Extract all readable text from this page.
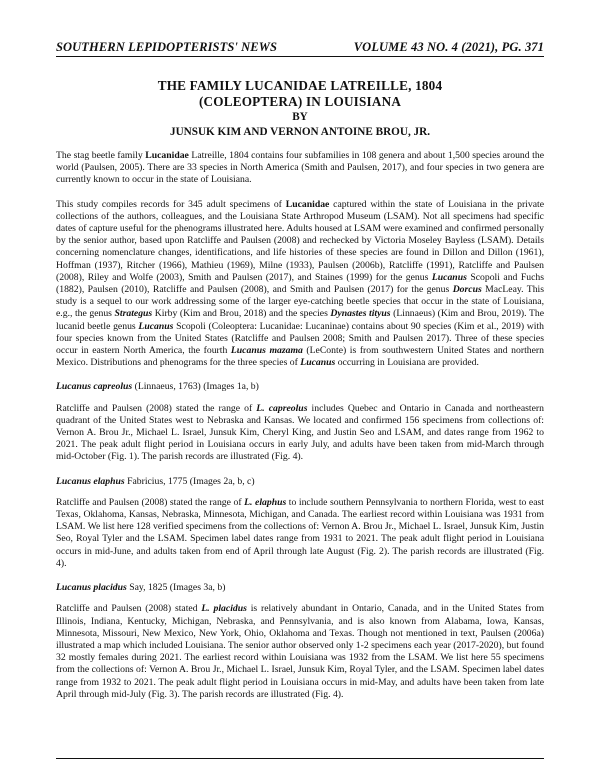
SOUTHERN LEPIDOPTERISTS' NEWS	VOLUME 43 NO. 4 (2021), PG. 371
THE FAMILY LUCANIDAE LATREILLE, 1804
(COLEOPTERA) IN LOUISIANA
BY
JUNSUK KIM AND VERNON ANTOINE BROU, JR.

The stag beetle family Lucanidae Latreille, 1804 contains four subfamilies in 108 genera and about 1,500 species around the world (Paulsen, 2005). There are 33 species in North America (Smith and Paulsen, 2017), and four species in two genera are currently known to occur in the state of Louisiana.

This study compiles records for 345 adult specimens of Lucanidae captured within the state of Louisiana in the private collections of the authors, colleagues, and the Louisiana State Arthropod Museum (LSAM). Not all specimens had specific dates of capture useful for the phenograms illustrated here. Adults housed at LSAM were examined and confirmed personally by the senior author, based upon Ratcliffe and Paulsen (2008) and rechecked by Victoria Moseley Bayless (LSAM). Details concerning nomenclature changes, identifications, and life histories of these species are found in Dillon and Dillon (1961), Hoffman (1937), Ritcher (1966), Mathieu (1969), Milne (1933), Paulsen (2006b), Ratcliffe (1991), Ratcliffe and Paulsen (2008), Riley and Wolfe (2003), Smith and Paulsen (2017), and Staines (1999) for the genus Lucanus Scopoli and Fuchs (1882), Paulsen (2010), Ratcliffe and Paulsen (2008), and Smith and Paulsen (2017) for the genus Dorcus MacLeay. This study is a sequel to our work addressing some of the larger eye-catching beetle species that occur in the state of Louisiana, e.g., the genus Strategus Kirby (Kim and Brou, 2018) and the species Dynastes tityus (Linnaeus) (Kim and Brou, 2019). The lucanid beetle genus Lucanus Scopoli (Coleoptera: Lucanidae: Lucaninae) contains about 90 species (Kim et al., 2019) with four species known from the United States (Ratcliffe and Paulsen 2008; Smith and Paulsen 2017). Three of these species occur in eastern North America, the fourth Lucanus mazama (LeConte) is from southwestern United States and northern Mexico. Distributions and phenograms for the three species of Lucanus occurring in Louisiana are provided.

Lucanus capreolus (Linnaeus, 1763) (Images 1a, b)

Ratcliffe and Paulsen (2008) stated the range of L. capreolus includes Quebec and Ontario in Canada and northeastern quadrant of the United States west to Nebraska and Kansas. We located and confirmed 156 specimens from collections of: Vernon A. Brou Jr., Michael L. Israel, Junsuk Kim, Cheryl King, and Justin Seo and LSAM, and dates range from 1962 to 2021. The peak adult flight period in Louisiana occurs in early July, and adults have been taken from mid-March through mid-October (Fig. 1). The parish records are illustrated (Fig. 4).

Lucanus elaphus Fabricius, 1775 (Images 2a, b, c)

Ratcliffe and Paulsen (2008) stated the range of L. elaphus to include southern Pennsylvania to northern Florida, west to east Texas, Oklahoma, Kansas, Nebraska, Minnesota, Michigan, and Canada. The earliest record within Louisiana was 1931 from LSAM. We list here 128 verified specimens from the collections of: Vernon A. Brou Jr., Michael L. Israel, Junsuk Kim, Justin Seo, Royal Tyler and the LSAM. Specimen label dates range from 1931 to 2021. The peak adult flight period in Louisiana occurs in mid-June, and adults taken from end of April through late August (Fig. 2). The parish records are illustrated (Fig. 4).

Lucanus placidus Say, 1825 (Images 3a, b)

Ratcliffe and Paulsen (2008) stated L. placidus is relatively abundant in Ontario, Canada, and in the United States from Illinois, Indiana, Kentucky, Michigan, Nebraska, and Pennsylvania, and is also known from Alabama, Iowa, Kansas, Minnesota, Missouri, New Mexico, New York, Ohio, Oklahoma and Texas. Though not mentioned in text, Paulsen (2006a) illustrated a map which included Louisiana. The senior author observed only 1-2 specimens each year (2017-2020), but found 32 mostly females during 2021. The earliest record within Louisiana was 1932 from the LSAM. We list here 55 specimens from the collections of: Vernon A. Brou Jr., Michael L. Israel, Junsuk Kim, Royal Tyler, and the LSAM. Specimen label dates range from 1932 to 2021. The peak adult flight period in Louisiana occurs in mid-May, and adults have been taken from late April through mid-July (Fig. 3). The parish records are illustrated (Fig. 4).
